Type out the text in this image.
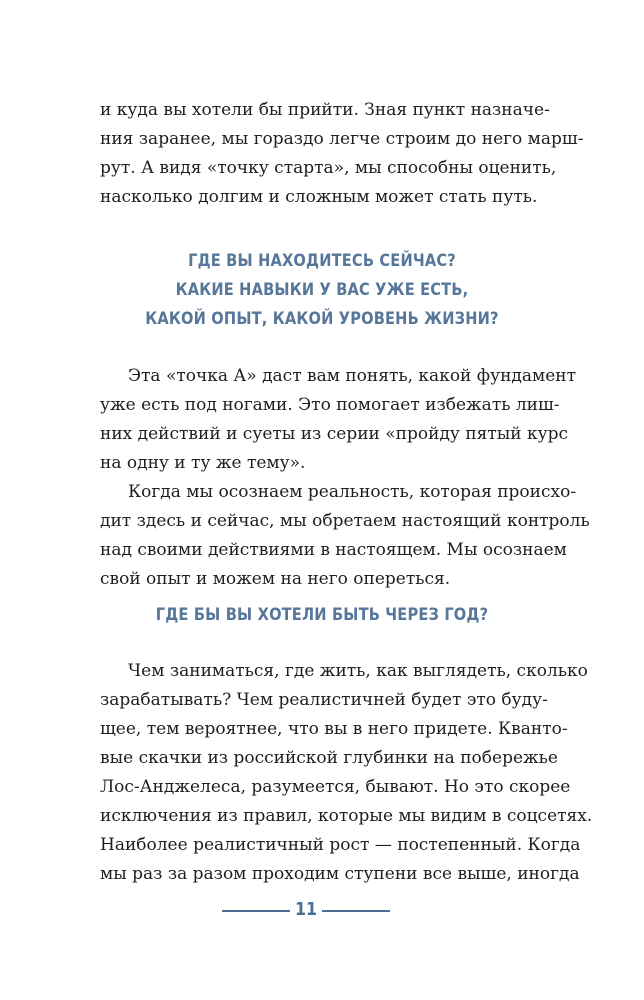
и куда вы хотели бы прийти. Зная пункт назначе-
ния заранее, мы гораздо легче строим до него марш-
рут. А видя «точку старта», мы способны оценить,
насколько долгим и сложным может стать путь.
ГДЕ ВЫ НАХОДИТЕСЬ СЕЙЧАС?
КАКИЕ НАВЫКИ У ВАС УЖЕ ЕСТЬ,
КАКОЙ ОПЫТ, КАКОЙ УРОВЕНЬ ЖИЗНИ?
Эта «точка А» даст вам понять, какой фундамент
уже есть под ногами. Это помогает избежать лиш-
них действий и суеты из серии «пройду пятый курс
на одну и ту же тему».
Когда мы осознаем реальность, которая происхо-
дит здесь и сейчас, мы обретаем настоящий контроль
над своими действиями в настоящем. Мы осознаем
свой опыт и можем на него опереться.
ГДЕ БЫ ВЫ ХОТЕЛИ БЫТЬ ЧЕРЕЗ ГОД?
Чем заниматься, где жить, как выглядеть, сколько
зарабатывать? Чем реалистичней будет это буду-
щее, тем вероятнее, что вы в него придете. Кванто-
вые скачки из российской глубинки на побережье
Лос-Анджелеса, разумеется, бывают. Но это скорее
исключения из правил, которые мы видим в соцсетях.
Наиболее реалистичный рост — постепенный. Когда
мы раз за разом проходим ступени все выше, иногда
11
